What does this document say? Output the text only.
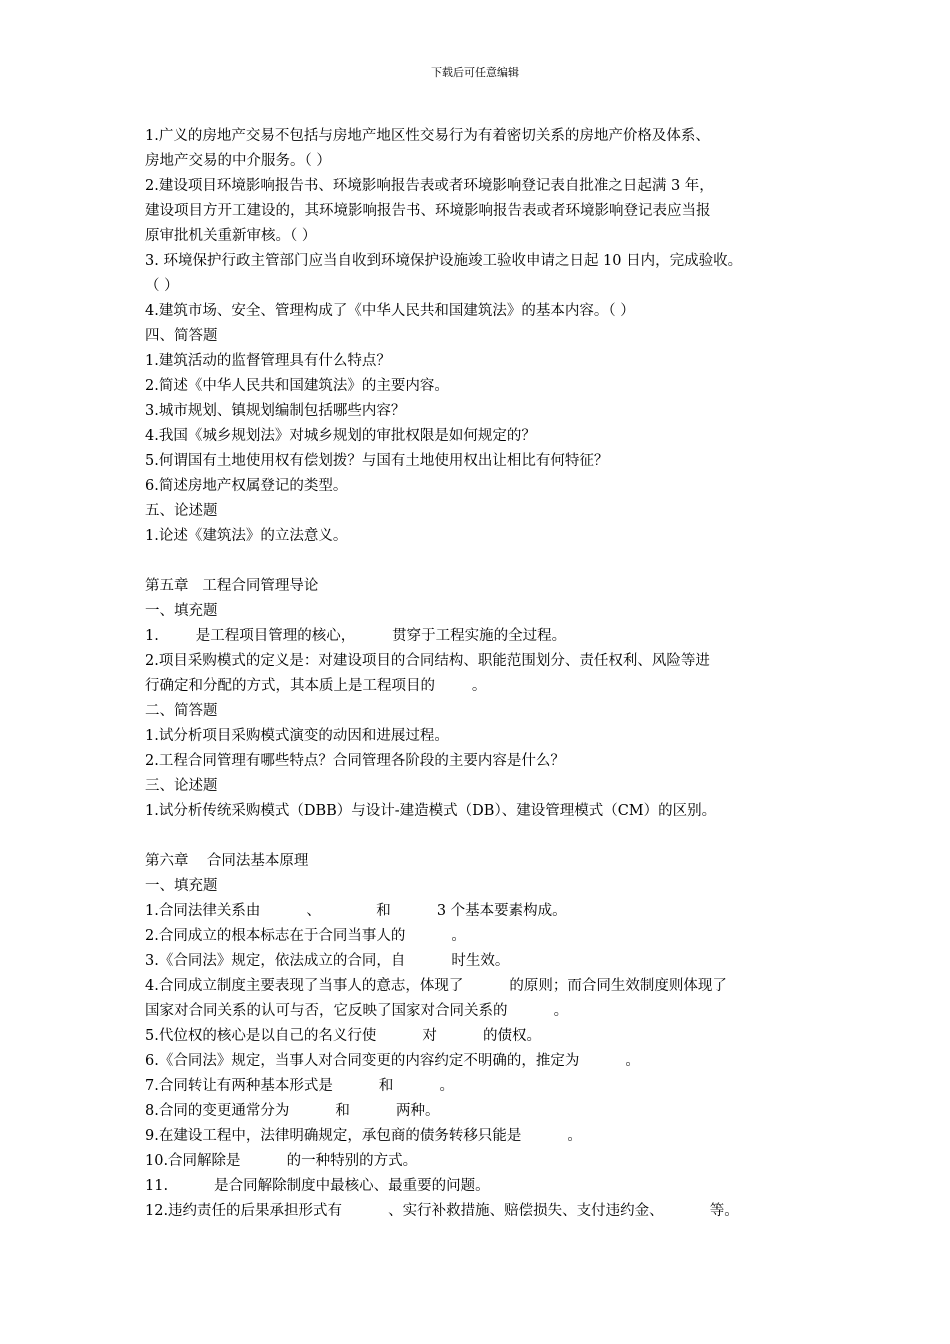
下载后可任意编辑
1.广义的房地产交易不包括与房地产地区性交易行为有着密切关系的房地产价格及体系、
房地产交易的中介服务。（ ）
2.建设项目环境影响报告书、环境影响报告表或者环境影响登记表自批准之日起满 3 年，
建设项目方开工建设的，其环境影响报告书、环境影响报告表或者环境影响登记表应当报
原审批机关重新审核。（ ）
3. 环境保护行政主管部门应当自收到环境保护设施竣工验收申请之日起 10 日内，完成验收。
（ ）
4.建筑市场、安全、管理构成了《中华人民共和国建筑法》的基本内容。（ ）
四、简答题
1.建筑活动的监督管理具有什么特点？
2.简述《中华人民共和国建筑法》的主要内容。
3.城市规划、镇规划编制包括哪些内容？
4.我国《城乡规划法》对城乡规划的审批权限是如何规定的？
5.何谓国有土地使用权有偿划拨？与国有土地使用权出让相比有何特征？
6.简述房地产权属登记的类型。
五、论述题
1.论述《建筑法》的立法意义。
第五章   工程合同管理导论
一、填充题
1.        是工程项目管理的核心，        贯穿于工程实施的全过程。
2.项目采购模式的定义是：对建设项目的合同结构、职能范围划分、责任权利、风险等进
行确定和分配的方式，其本质上是工程项目的        。
二、简答题
1.试分析项目采购模式演变的动因和进展过程。
2.工程合同管理有哪些特点？合同管理各阶段的主要内容是什么？
三、论述题
1.试分析传统采购模式（DBB）与设计-建造模式（DB）、建设管理模式（CM）的区别。
第六章    合同法基本原理
一、填充题
1.合同法律关系由          、            和          3 个基本要素构成。
2.合同成立的根本标志在于合同当事人的          。
3.《合同法》规定，依法成立的合同，自          时生效。
4.合同成立制度主要表现了当事人的意志，体现了          的原则；而合同生效制度则体现了
国家对合同关系的认可与否，它反映了国家对合同关系的          。
5.代位权的核心是以自己的名义行使          对          的债权。
6.《合同法》规定，当事人对合同变更的内容约定不明确的，推定为          。
7.合同转让有两种基本形式是          和          。
8.合同的变更通常分为          和          两种。
9.在建设工程中，法律明确规定，承包商的债务转移只能是          。
10.合同解除是          的一种特别的方式。
11.          是合同解除制度中最核心、最重要的问题。
12.违约责任的后果承担形式有          、实行补救措施、赔偿损失、支付违约金、          等。
